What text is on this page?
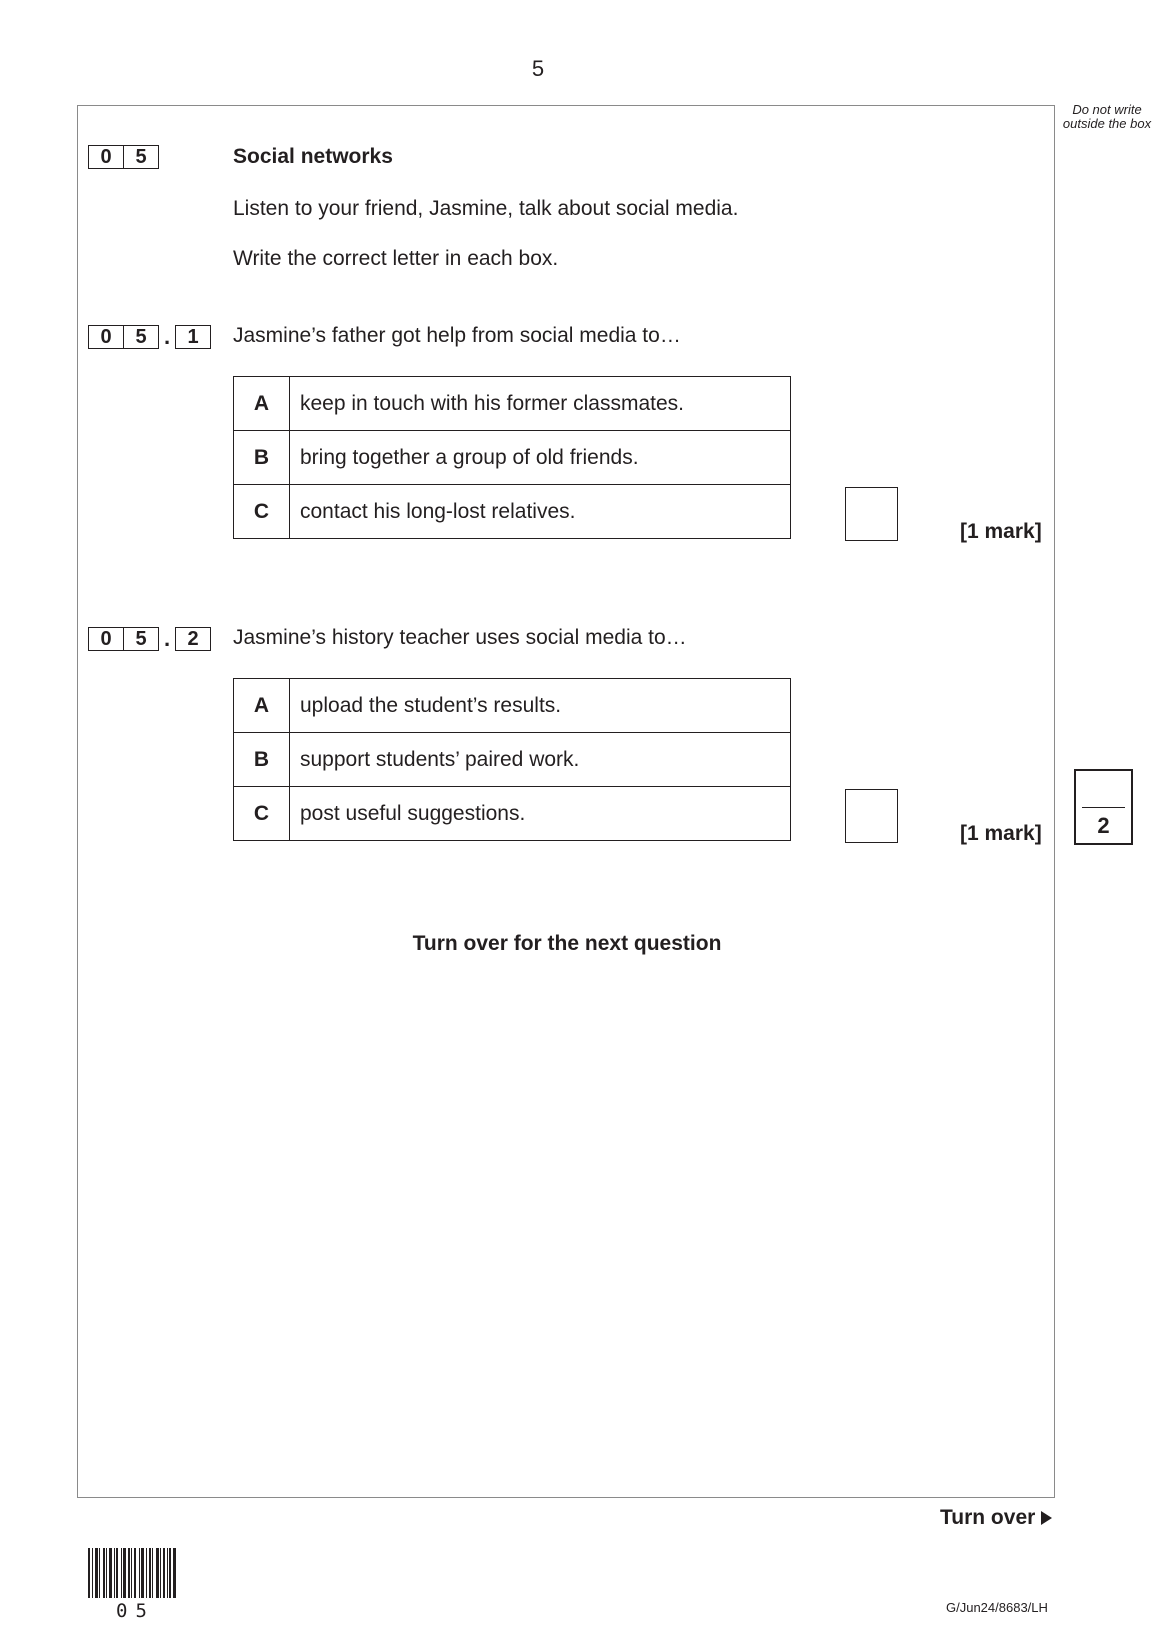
5
Do not write outside the box
0	5	Social networks
Listen to your friend, Jasmine, talk about social media.
Write the correct letter in each box.
0	5 . 1	Jasmine’s father got help from social media to…
A	keep in touch with his former classmates.
B	bring together a group of old friends.
C	contact his long-lost relatives.
[1 mark]
0	5 . 2	Jasmine’s history teacher uses social media to…
A	upload the student’s results.
B	support students’ paired work.
C	post useful suggestions.
[1 mark]	2
Turn over for the next question
Turn over
05	G/Jun24/8683/LH
